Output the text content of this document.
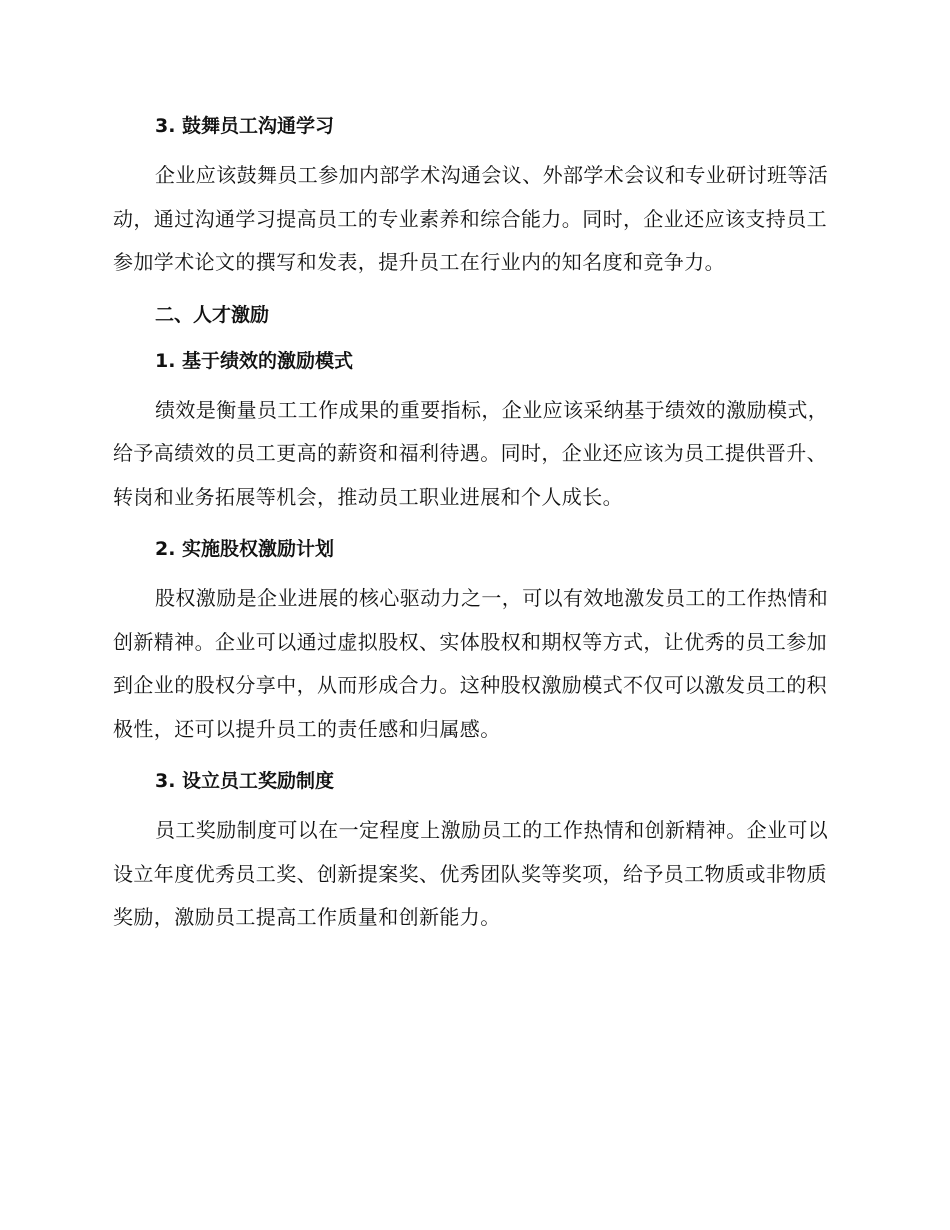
3. 鼓舞员工沟通学习

企业应该鼓舞员工参加内部学术沟通会议、外部学术会议和专业研讨班等活动，通过沟通学习提高员工的专业素养和综合能力。同时，企业还应该支持员工参加学术论文的撰写和发表，提升员工在行业内的知名度和竞争力。

二、人才激励
1. 基于绩效的激励模式

绩效是衡量员工工作成果的重要指标，企业应该采纳基于绩效的激励模式，给予高绩效的员工更高的薪资和福利待遇。同时，企业还应该为员工提供晋升、转岗和业务拓展等机会，推动员工职业进展和个人成长。

2. 实施股权激励计划

股权激励是企业进展的核心驱动力之一，可以有效地激发员工的工作热情和创新精神。企业可以通过虚拟股权、实体股权和期权等方式，让优秀的员工参加到企业的股权分享中，从而形成合力。这种股权激励模式不仅可以激发员工的积极性，还可以提升员工的责任感和归属感。

3. 设立员工奖励制度

员工奖励制度可以在一定程度上激励员工的工作热情和创新精神。企业可以设立年度优秀员工奖、创新提案奖、优秀团队奖等奖项，给予员工物质或非物质奖励，激励员工提高工作质量和创新能力。
